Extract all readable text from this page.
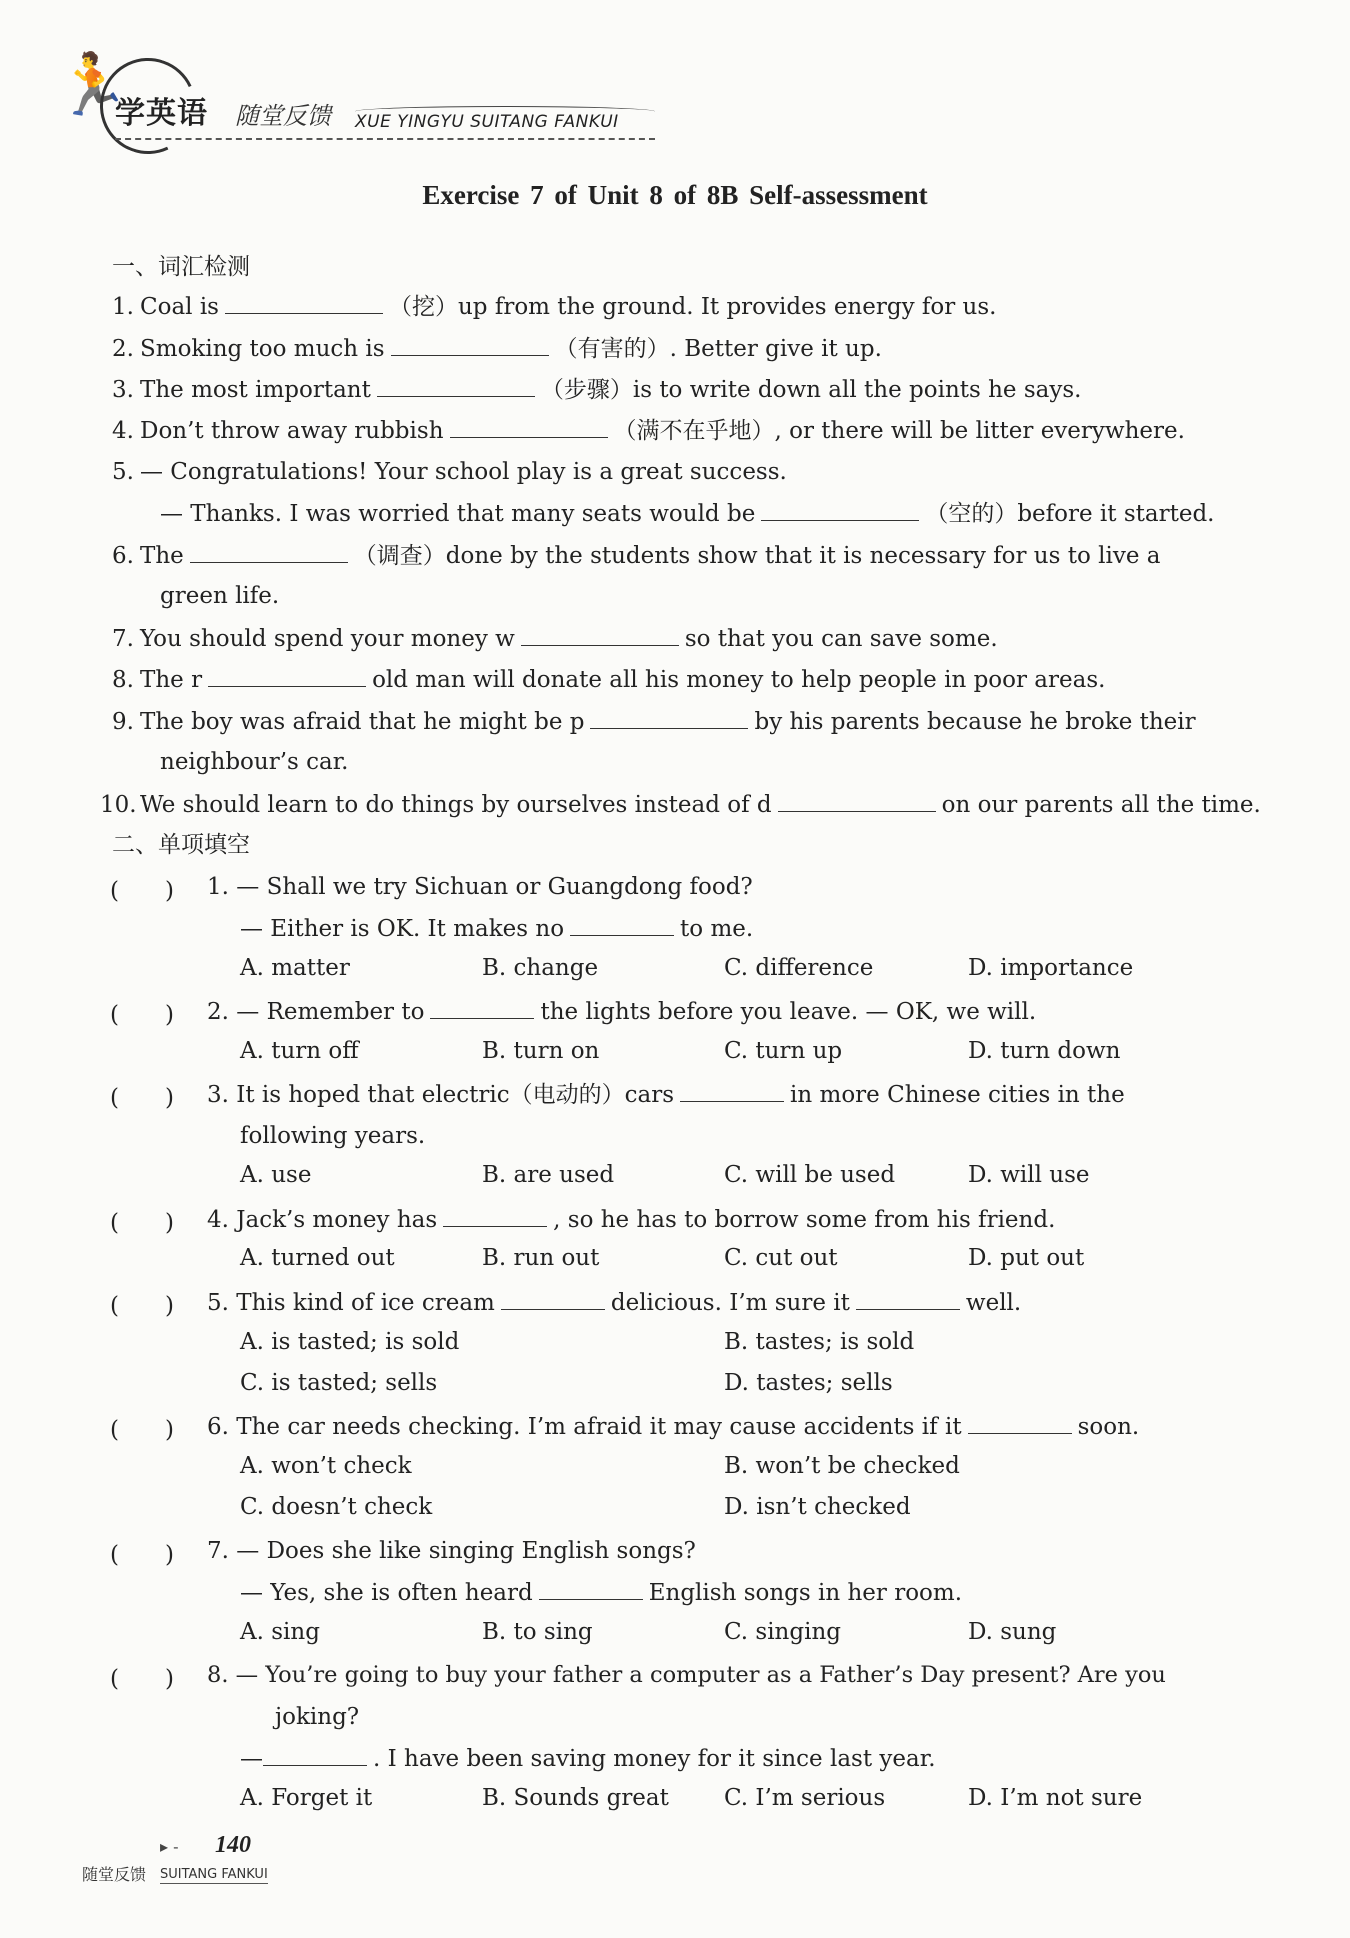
🏃
学英语 随堂反馈 XUE YINGYU SUITANG FANKUI
Exercise 7 of Unit 8 of 8B Self-assessment
一、词汇检测
1. Coal is	（挖）up from the ground. It provides energy for us.
2. Smoking too much is	（有害的）. Better give it up.
3. The most important	（步骤）is to write down all the points he says.
4. Don’t throw away rubbish	（满不在乎地）, or there will be litter everywhere.
5. — Congratulations! Your school play is a great success.
— Thanks. I was worried that many seats would be	（空的）before it started.
6. The	（调查）done by the students show that it is necessary for us to live a
green life.
7. You should spend your money w	so that you can save some.
8. The r	old man will donate all his money to help people in poor areas.
9. The boy was afraid that he might be p	by his parents because he broke their
neighbour’s car.
10. We should learn to do things by ourselves instead of d	on our parents all the time.
二、单项填空
(　　) 1. — Shall we try Sichuan or Guangdong food?
— Either is OK. It makes no	to me.
A. matter	B. change	C. difference	D. importance
(　　) 2. — Remember to	the lights before you leave. — OK, we will.
A. turn off	B. turn on	C. turn up	D. turn down
(　　) 3. It is hoped that electric（电动的）cars	in more Chinese cities in the
following years.
A. use	B. are used	C. will be used	D. will use
(　　) 4. Jack’s money has	, so he has to borrow some from his friend.
A. turned out	B. run out	C. cut out	D. put out
(　　) 5. This kind of ice cream	delicious. I’m sure it	well.
A. is tasted; is sold	B. tastes; is sold
C. is tasted; sells	D. tastes; sells
(　　) 6. The car needs checking. I’m afraid it may cause accidents if it	soon.
A. won’t check	B. won’t be checked
C. doesn’t check	D. isn’t checked
(　　) 7. — Does she like singing English songs?
— Yes, she is often heard	English songs in her room.
A. sing	B. to sing	C. singing	D. sung
(　　) 8. — You’re going to buy your father a computer as a Father’s Day present? Are you
joking?
—	. I have been saving money for it since last year.
A. Forget it	B. Sounds great C. I’m serious	D. I’m not sure
▸ - 140
随堂反馈 SUITANG FANKUI
